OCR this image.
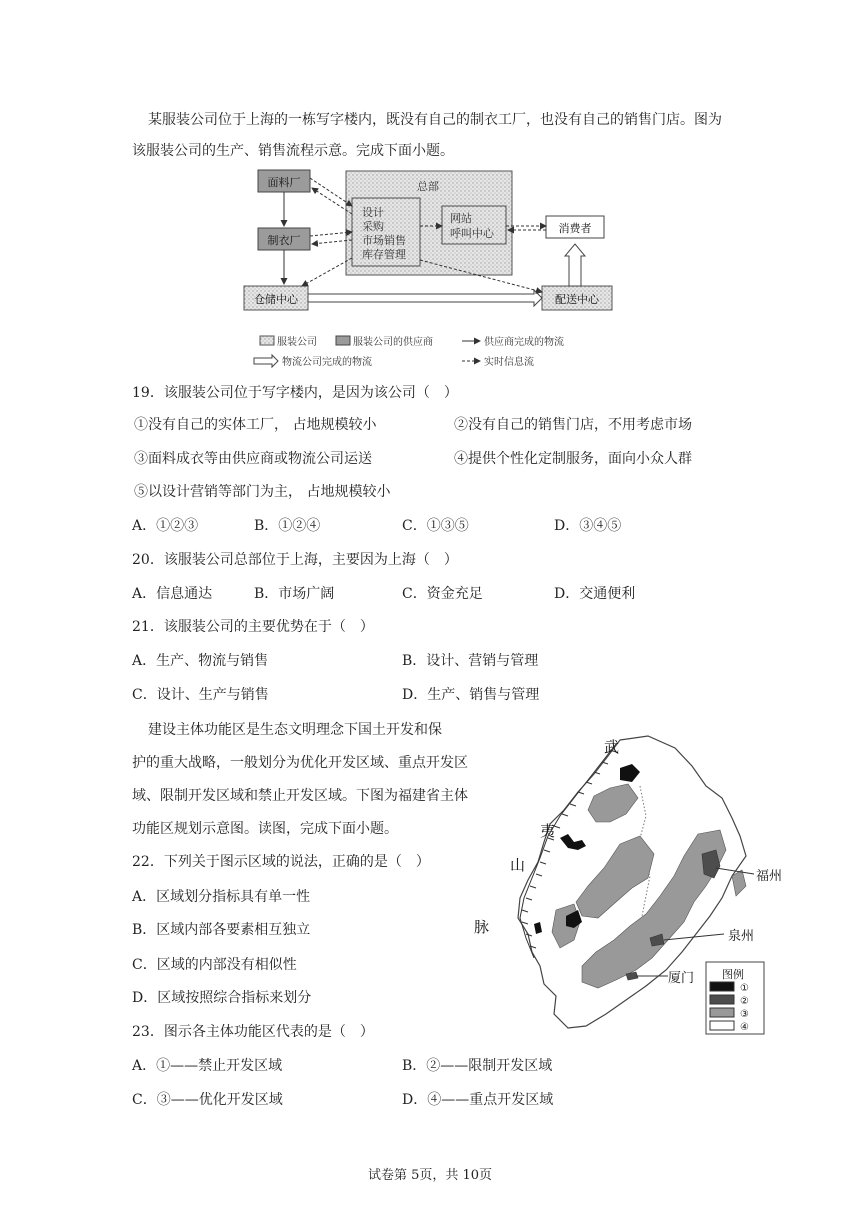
某服装公司位于上海的一栋写字楼内，既没有自己的制衣工厂，也没有自己的销售门店。图为
该服装公司的生产、销售流程示意。完成下面小题。
总部
设计
采购
市场销售
库存管理
网站
呼叫中心
面料厂
制衣厂
消费者
仓储中心	配送中心
服装公司	服装公司的供应商	供应商完成的物流
物流公司完成的物流	实时信息流
19．该服装公司位于写字楼内，是因为该公司（　）
①没有自己的实体工厂， 占地规模较小	②没有自己的销售门店，不用考虑市场
③面料成衣等由供应商或物流公司运送	④提供个性化定制服务，面向小众人群
⑤以设计营销等部门为主， 占地规模较小
A．①②③	B．①②④	C．①③⑤	D．③④⑤
20．该服装公司总部位于上海，主要因为上海（　）
A．信息通达	B．市场广阔	C．资金充足	D．交通便利
21．该服装公司的主要优势在于（　）
A．生产、物流与销售	B．设计、营销与管理
C．设计、生产与销售	D．生产、销售与管理
建设主体功能区是生态文明理念下国土开发和保
护的重大战略，一般划分为优化开发区域、重点开发区
域、限制开发区域和禁止开发区域。下图为福建省主体
功能区规划示意图。读图，完成下面小题。
22．下列关于图示区域的说法，正确的是（　）
A．区域划分指标具有单一性
B．区域内部各要素相互独立
C．区域的内部没有相似性
D．区域按照综合指标来划分
23．图示各主体功能区代表的是（　）
A．①——禁止开发区域	B．②——限制开发区域
C．③——优化开发区域	D．④——重点开发区域
武
夷
山
脉
福州
泉州
厦门	图例
①
②
③
④
试卷第 5页，共 10页
